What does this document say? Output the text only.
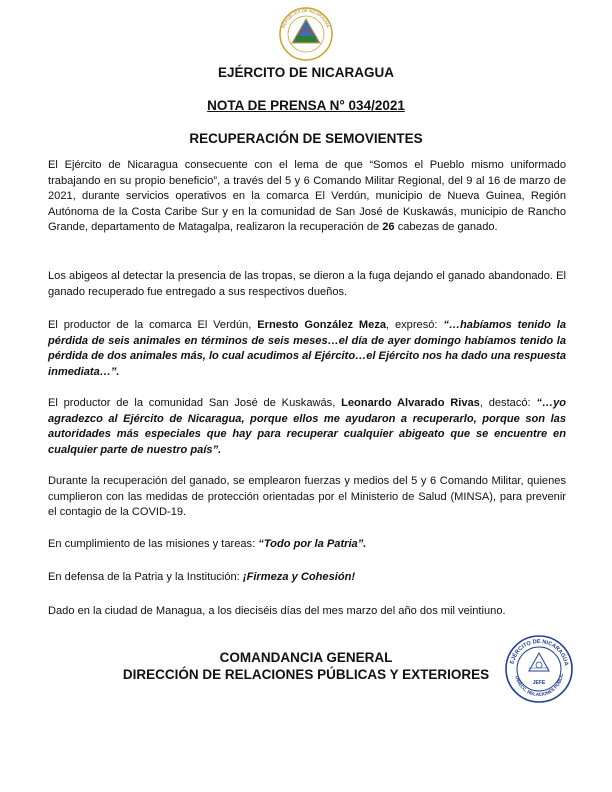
REPUBLICA DE NICARAGUA
EJÉRCITO DE NICARAGUA
NOTA DE PRENSA N° 034/2021
RECUPERACIÓN DE SEMOVIENTES

El Ejército de Nicaragua consecuente con el lema de que “Somos el Pueblo mismo uniformado trabajando en su propio beneficio”, a través del 5 y 6 Comando Militar Regional, del 9 al 16 de marzo de 2021, durante servicios operativos en la comarca El Verdún, municipio de Nueva Guinea, Región Autónoma de la Costa Caribe Sur y en la comunidad de San José de Kuskawás, municipio de Rancho Grande, departamento de Matagalpa, realizaron la recuperación de 26 cabezas de ganado.

Los abigeos al detectar la presencia de las tropas, se dieron a la fuga dejando el ganado abandonado. El ganado recuperado fue entregado a sus respectivos dueños.

El productor de la comarca El Verdún, Ernesto González Meza, expresó: “…habíamos tenido la pérdida de seis animales en términos de seis meses…el día de ayer domingo habíamos tenido la pérdida de dos animales más, lo cual acudimos al Ejército…el Ejército nos ha dado una respuesta inmediata…”.

El productor de la comunidad San José de Kuskawás, Leonardo Alvarado Rivas, destacó: “…yo agradezco al Ejército de Nicaragua, porque ellos me ayudaron a recuperarlo, porque son las autoridades más especiales que hay para recuperar cualquier abigeato que se encuentre en cualquier parte de nuestro país”.

Durante la recuperación del ganado, se emplearon fuerzas y medios del 5 y 6 Comando Militar, quienes cumplieron con las medidas de protección orientadas por el Ministerio de Salud (MINSA), para prevenir el contagio de la COVID-19.

En cumplimiento de las misiones y tareas: “Todo por la Patria”.

En defensa de la Patria y la Institución: ¡Firmeza y Cohesión!

Dado en la ciudad de Managua, a los dieciséis días del mes marzo del año dos mil veintiuno.

COMANDANCIA GENERAL
DIRECCIÓN DE RELACIONES PÚBLICAS Y EXTERIORES
EJÉRCITO DE NICARAGUA
DIRECC. RELACIONES PÚBLIC
JEFE
